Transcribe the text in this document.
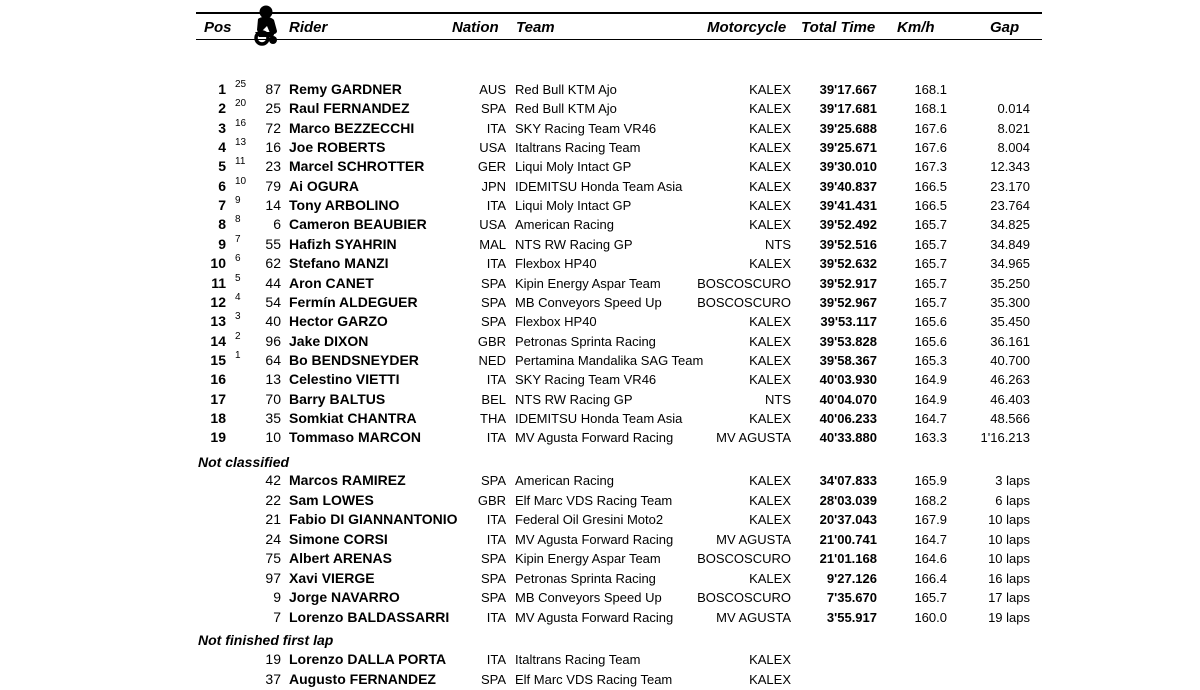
Pos	Rider	Nation Team	Motorcycle Total Time Km/h	Gap
1 25	87 Remy GARDNER	AUS Red Bull KTM Ajo	KALEX	39'17.667	168.1
2 20	25 Raul FERNANDEZ	SPA Red Bull KTM Ajo	KALEX	39'17.681	168.1	0.014
3 16	72 Marco BEZZECCHI	ITA SKY Racing Team VR46	KALEX	39'25.688	167.6	8.021
4 13	16 Joe ROBERTS	USA Italtrans Racing Team	KALEX	39'25.671	167.6	8.004
5 11	23 Marcel SCHROTTER	GER Liqui Moly Intact GP	KALEX	39'30.010	167.3	12.343
6 10	79 Ai OGURA	JPN IDEMITSU Honda Team Asia	KALEX	39'40.837	166.5	23.170
7 9	14 Tony ARBOLINO	ITA Liqui Moly Intact GP	KALEX	39'41.431	166.5	23.764
8 8	6 Cameron BEAUBIER	USA American Racing	KALEX	39'52.492	165.7	34.825
9 7	55 Hafizh SYAHRIN	MAL NTS RW Racing GP	NTS	39'52.516	165.7	34.849
10 6	62 Stefano MANZI	ITA Flexbox HP40	KALEX	39'52.632	165.7	34.965
11 5	44 Aron CANET	SPA Kipin Energy Aspar Team	BOSCOSCURO	39'52.917	165.7	35.250
12 4	54 Fermín ALDEGUER	SPA MB Conveyors Speed Up	BOSCOSCURO	39'52.967	165.7	35.300
13 3	40 Hector GARZO	SPA Flexbox HP40	KALEX	39'53.117	165.6	35.450
14 2	96 Jake DIXON	GBR Petronas Sprinta Racing	KALEX	39'53.828	165.6	36.161
15 1	64 Bo BENDSNEYDER	NED Pertamina Mandalika SAG Team	KALEX	39'58.367	165.3	40.700
16	13 Celestino VIETTI	ITA SKY Racing Team VR46	KALEX	40'03.930	164.9	46.263
17	70 Barry BALTUS	BEL NTS RW Racing GP	NTS	40'04.070	164.9	46.403
18	35 Somkiat CHANTRA	THA IDEMITSU Honda Team Asia	KALEX	40'06.233	164.7	48.566
19	10 Tommaso MARCON	ITA MV Agusta Forward Racing	MV AGUSTA	40'33.880	163.3	1'16.213
Not classified
42 Marcos RAMIREZ	SPA American Racing	KALEX	34'07.833	165.9	3 laps
22 Sam LOWES	GBR Elf Marc VDS Racing Team	KALEX	28'03.039	168.2	6 laps
21 Fabio DI GIANNANTONIO	ITA Federal Oil Gresini Moto2	KALEX	20'37.043	167.9	10 laps
24 Simone CORSI	ITA MV Agusta Forward Racing	MV AGUSTA	21'00.741	164.7	10 laps
75 Albert ARENAS	SPA Kipin Energy Aspar Team	BOSCOSCURO	21'01.168	164.6	10 laps
97 Xavi VIERGE	SPA Petronas Sprinta Racing	KALEX	9'27.126	166.4	16 laps
9 Jorge NAVARRO	SPA MB Conveyors Speed Up	BOSCOSCURO	7'35.670	165.7	17 laps
7 Lorenzo BALDASSARRI	ITA MV Agusta Forward Racing	MV AGUSTA	3'55.917	160.0	19 laps
Not finished first lap
19 Lorenzo DALLA PORTA	ITA Italtrans Racing Team	KALEX
37 Augusto FERNANDEZ	SPA Elf Marc VDS Racing Team	KALEX
